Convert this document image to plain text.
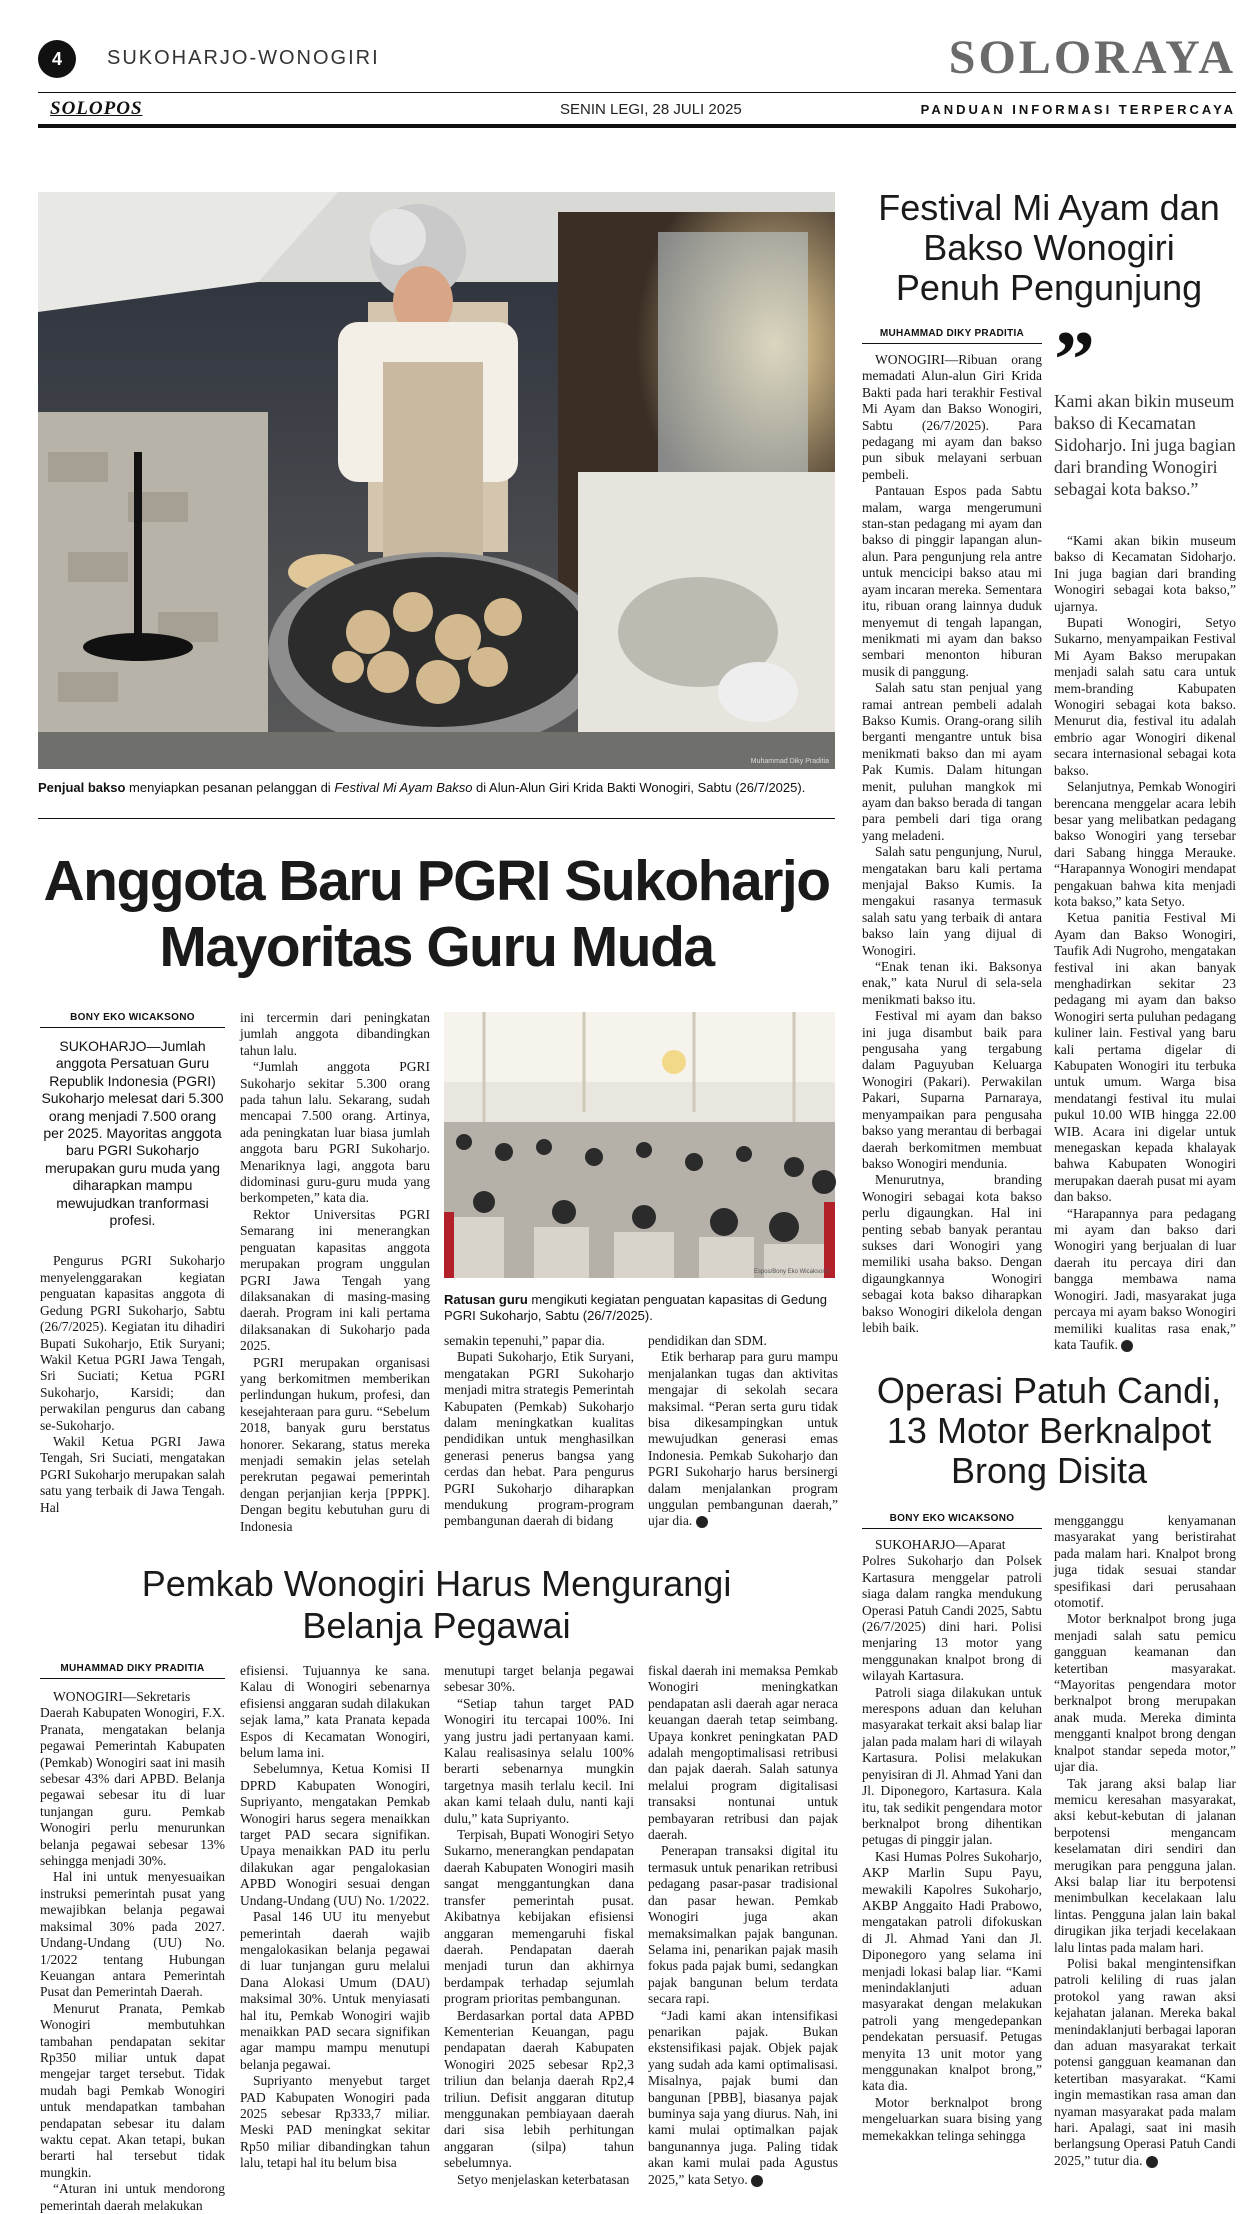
4	SUKOHARJO-WONOGIRI	SOLORAYA
SOLOPOS	SENIN LEGI, 28 JULI 2025	PANDUAN INFORMASI TERPERCAYA
Muhammad Diky Praditia
Penjual bakso menyiapkan pesanan pelanggan di Festival Mi Ayam Bakso di Alun-Alun Giri Krida Bakti Wonogiri, Sabtu (26/7/2025).
Anggota Baru PGRI Sukoharjo
Mayoritas Guru Muda
BONY EKO WICAKSONO
SUKOHARJO—Jumlah anggota Persatuan Guru Republik Indonesia (PGRI) Sukoharjo melesat dari 5.300 orang menjadi 7.500 orang per 2025. Mayoritas anggota baru PGRI Sukoharjo merupakan guru muda yang diharapkan mampu mewujudkan tranformasi profesi.

Pengurus PGRI Sukoharjo menyelenggarakan kegiatan penguatan kapasitas anggota di Gedung PGRI Sukoharjo, Sabtu (26/7/2025). Kegiatan itu dihadiri Bupati Sukoharjo, Etik Suryani; Wakil Ketua PGRI Jawa Tengah, Sri Suciati; Ketua PGRI Sukoharjo, Karsidi; dan perwakilan pengurus dan cabang se-Sukoharjo.

Wakil Ketua PGRI Jawa Tengah, Sri Suciati, mengatakan PGRI Sukoharjo merupakan salah satu yang terbaik di Jawa Tengah. Hal

ini tercermin dari peningkatan jumlah anggota dibandingkan tahun lalu.

“Jumlah anggota PGRI Sukoharjo sekitar 5.300 orang pada tahun lalu. Sekarang, sudah mencapai 7.500 orang. Artinya, ada peningkatan luar biasa jumlah anggota baru PGRI Sukoharjo. Menariknya lagi, anggota baru didominasi guru-guru muda yang berkompeten,” kata dia.

Rektor Universitas PGRI Semarang ini menerangkan penguatan kapasitas anggota merupakan program unggulan PGRI Jawa Tengah yang dilaksanakan di masing-masing daerah. Program ini kali pertama dilaksanakan di Sukoharjo pada 2025.

PGRI merupakan organisasi yang berkomitmen memberikan perlindungan hukum, profesi, dan kesejahteraan para guru. “Sebelum 2018, banyak guru berstatus honorer. Sekarang, status mereka menjadi semakin jelas setelah perekrutan pegawai pemerintah dengan perjanjian kerja [PPPK]. Dengan begitu kebutuhan guru di Indonesia

Espos/Bony Eko Wicaksono
Ratusan guru mengikuti kegiatan penguatan kapasitas di Gedung PGRI Sukoharjo, Sabtu (26/7/2025).

semakin tepenuhi,” papar dia.

Bupati Sukoharjo, Etik Suryani, mengatakan PGRI Sukoharjo menjadi mitra strategis Pemerintah Kabupaten (Pemkab) Sukoharjo dalam meningkatkan kualitas pendidikan untuk menghasilkan generasi penerus bangsa yang cerdas dan hebat. Para pengurus PGRI Sukoharjo diharapkan mendukung program-program pembangunan daerah di bidang

pendidikan dan SDM.

Etik berharap para guru mampu menjalankan tugas dan aktivitas mengajar di sekolah secara maksimal. “Peran serta guru tidak bisa dikesampingkan untuk mewujudkan generasi emas Indonesia. Pemkab Sukoharjo dan PGRI Sukoharjo harus bersinergi dalam menjalankan program unggulan pembangunan daerah,” ujar dia. ❖

Pemkab Wonogiri Harus Mengurangi
Belanja Pegawai
MUHAMMAD DIKY PRADITIA

WONOGIRI—Sekretaris Daerah Kabupaten Wonogiri, F.X. Pranata, mengatakan belanja pegawai Pemerintah Kabupaten (Pemkab) Wonogiri saat ini masih sebesar 43% dari APBD. Belanja pegawai sebesar itu di luar tunjangan guru. Pemkab Wonogiri perlu menurunkan belanja pegawai sebesar 13% sehingga menjadi 30%.

Hal ini untuk menyesuaikan instruksi pemerintah pusat yang mewajibkan belanja pegawai maksimal 30% pada 2027. Undang-Undang (UU) No. 1/2022 tentang Hubungan Keuangan antara Pemerintah Pusat dan Pemerintah Daerah.

Menurut Pranata, Pemkab Wonogiri membutuhkan tambahan pendapatan sekitar Rp350 miliar untuk dapat mengejar target tersebut. Tidak mudah bagi Pemkab Wonogiri untuk mendapatkan tambahan pendapatan sebesar itu dalam waktu cepat. Akan tetapi, bukan berarti hal tersebut tidak mungkin.

“Aturan ini untuk mendorong pemerintah daerah melakukan

efisiensi. Tujuannya ke sana. Kalau di Wonogiri sebenarnya efisiensi anggaran sudah dilakukan sejak lama,” kata Pranata kepada Espos di Kecamatan Wonogiri, belum lama ini.

Sebelumnya, Ketua Komisi II DPRD Kabupaten Wonogiri, Supriyanto, mengatakan Pemkab Wonogiri harus segera menaikkan target PAD secara signifikan. Upaya menaikkan PAD itu perlu dilakukan agar pengalokasian APBD Wonogiri sesuai dengan Undang-Undang (UU) No. 1/2022.

Pasal 146 UU itu menyebut pemerintah daerah wajib mengalokasikan belanja pegawai di luar tunjangan guru melalui Dana Alokasi Umum (DAU) maksimal 30%. Untuk menyiasati hal itu, Pemkab Wonogiri wajib menaikkan PAD secara signifikan agar mampu mampu menutupi belanja pegawai.

Supriyanto menyebut target PAD Kabupaten Wonogiri pada 2025 sebesar Rp333,7 miliar. Meski PAD meningkat sekitar Rp50 miliar dibandingkan tahun lalu, tetapi hal itu belum bisa

menutupi target belanja pegawai sebesar 30%.

“Setiap tahun target PAD Wonogiri itu tercapai 100%. Ini yang justru jadi pertanyaan kami. Kalau realisasinya selalu 100% berarti sebenarnya mungkin targetnya masih terlalu kecil. Ini akan kami telaah dulu, nanti kaji dulu,” kata Supriyanto.

Terpisah, Bupati Wonogiri Setyo Sukarno, menerangkan pendapatan daerah Kabupaten Wonogiri masih sangat menggantungkan dana transfer pemerintah pusat. Akibatnya kebijakan efisiensi anggaran memengaruhi fiskal daerah. Pendapatan daerah menjadi turun dan akhirnya berdampak terhadap sejumlah program prioritas pembangunan.

Berdasarkan portal data APBD Kementerian Keuangan, pagu pendapatan daerah Kabupaten Wonogiri 2025 sebesar Rp2,3 triliun dan belanja daerah Rp2,4 triliun. Defisit anggaran ditutup menggunakan pembiayaan daerah dari sisa lebih perhitungan anggaran (silpa) tahun sebelumnya.

Setyo menjelaskan keterbatasan

fiskal daerah ini memaksa Pemkab Wonogiri meningkatkan pendapatan asli daerah agar neraca keuangan daerah tetap seimbang. Upaya konkret peningkatan PAD adalah mengoptimalisasi retribusi dan pajak daerah. Salah satunya melalui program digitalisasi transaksi nontunai untuk pembayaran retribusi dan pajak daerah.

Penerapan transaksi digital itu termasuk untuk penarikan retribusi pedagang pasar-pasar tradisional dan pasar hewan. Pemkab Wonogiri juga akan memaksimalkan pajak bangunan. Selama ini, penarikan pajak masih fokus pada pajak bumi, sedangkan pajak bangunan belum terdata secara rapi.

“Jadi kami akan intensifikasi penarikan pajak. Bukan ekstensifikasi pajak. Objek pajak yang sudah ada kami optimalisasi. Misalnya, pajak bumi dan bangunan [PBB], biasanya pajak buminya saja yang diurus. Nah, ini kami mulai optimalkan pajak bangunannya juga. Paling tidak akan kami mulai pada Agustus 2025,” kata Setyo. ❖

Festival Mi Ayam dan
Bakso Wonogiri
Penuh Pengunjung
MUHAMMAD DIKY PRADITIA

WONOGIRI—Ribuan orang memadati Alun-alun Giri Krida Bakti pada hari terakhir Festival Mi Ayam dan Bakso Wonogiri, Sabtu (26/7/2025). Para pedagang mi ayam dan bakso pun sibuk melayani serbuan pembeli.

Pantauan Espos pada Sabtu malam, warga mengerumuni stan-stan pedagang mi ayam dan bakso di pinggir lapangan alun-alun. Para pengunjung rela antre untuk mencicipi bakso atau mi ayam incaran mereka. Sementara itu, ribuan orang lainnya duduk menyemut di tengah lapangan, menikmati mi ayam dan bakso sembari menonton hiburan musik di panggung.

Salah satu stan penjual yang ramai antrean pembeli adalah Bakso Kumis. Orang-orang silih berganti mengantre untuk bisa menikmati bakso dan mi ayam Pak Kumis. Dalam hitungan menit, puluhan mangkok mi ayam dan bakso berada di tangan para pembeli dari tiga orang yang meladeni.

Salah satu pengunjung, Nurul, mengatakan baru kali pertama menjajal Bakso Kumis. Ia mengakui rasanya termasuk salah satu yang terbaik di antara bakso lain yang dijual di Wonogiri.

“Enak tenan iki. Baksonya enak,” kata Nurul di sela-sela menikmati bakso itu.

Festival mi ayam dan bakso ini juga disambut baik para pengusaha yang tergabung dalam Paguyuban Keluarga Wonogiri (Pakari). Perwakilan Pakari, Suparna Parnaraya, menyampaikan para pengusaha bakso yang merantau di berbagai daerah berkomitmen membuat bakso Wonogiri mendunia.

Menurutnya, branding Wonogiri sebagai kota bakso perlu digaungkan. Hal ini penting sebab banyak perantau sukses dari Wonogiri yang memiliki usaha bakso. Dengan digaungkannya Wonogiri sebagai kota bakso diharapkan bakso Wonogiri dikelola dengan lebih baik.

”
Kami akan bikin museum bakso di Kecamatan Sidoharjo. Ini juga bagian dari branding Wonogiri sebagai kota bakso.”

“Kami akan bikin museum bakso di Kecamatan Sidoharjo. Ini juga bagian dari branding Wonogiri sebagai kota bakso,” ujarnya.

Bupati Wonogiri, Setyo Sukarno, menyampaikan Festival Mi Ayam Bakso merupakan menjadi salah satu cara untuk mem-branding Kabupaten Wonogiri sebagai kota bakso. Menurut dia, festival itu adalah embrio agar Wonogiri dikenal secara internasional sebagai kota bakso.

Selanjutnya, Pemkab Wonogiri berencana menggelar acara lebih besar yang melibatkan pedagang bakso Wonogiri yang tersebar dari Sabang hingga Merauke. “Harapannya Wonogiri mendapat pengakuan bahwa kita menjadi kota bakso,” kata Setyo.

Ketua panitia Festival Mi Ayam dan Bakso Wonogiri, Taufik Adi Nugroho, mengatakan festival ini akan banyak menghadirkan sekitar 23 pedagang mi ayam dan bakso Wonogiri serta puluhan pedagang kuliner lain. Festival yang baru kali pertama digelar di Kabupaten Wonogiri itu terbuka untuk umum. Warga bisa mendatangi festival itu mulai pukul 10.00 WIB hingga 22.00 WIB. Acara ini digelar untuk menegaskan kepada khalayak bahwa Kabupaten Wonogiri merupakan daerah pusat mi ayam dan bakso.

“Harapannya para pedagang mi ayam dan bakso dari Wonogiri yang berjualan di luar daerah itu percaya diri dan bangga membawa nama Wonogiri. Jadi, masyarakat juga percaya mi ayam bakso Wonogiri memiliki kualitas rasa enak,” kata Taufik. ❖

Operasi Patuh Candi,
13 Motor Berknalpot
Brong Disita
BONY EKO WICAKSONO

SUKOHARJO—Aparat Polres Sukoharjo dan Polsek Kartasura menggelar patroli siaga dalam rangka mendukung Operasi Patuh Candi 2025, Sabtu (26/7/2025) dini hari. Polisi menjaring 13 motor yang menggunakan knalpot brong di wilayah Kartasura.

Patroli siaga dilakukan untuk merespons aduan dan keluhan masyarakat terkait aksi balap liar jalan pada malam hari di wilayah Kartasura. Polisi melakukan penyisiran di Jl. Ahmad Yani dan Jl. Diponegoro, Kartasura. Kala itu, tak sedikit pengendara motor berknalpot brong dihentikan petugas di pinggir jalan.

Kasi Humas Polres Sukoharjo, AKP Marlin Supu Payu, mewakili Kapolres Sukoharjo, AKBP Anggaito Hadi Prabowo, mengatakan patroli difokuskan di Jl. Ahmad Yani dan Jl. Diponegoro yang selama ini menjadi lokasi balap liar. “Kami menindaklanjuti aduan masyarakat dengan melakukan patroli yang mengedepankan pendekatan persuasif. Petugas menyita 13 unit motor yang menggunakan knalpot brong,” kata dia.

Motor berknalpot brong mengeluarkan suara bising yang memekakkan telinga sehingga

mengganggu kenyamanan masyarakat yang beristirahat pada malam hari. Knalpot brong juga tidak sesuai standar spesifikasi dari perusahaan otomotif.

Motor berknalpot brong juga menjadi salah satu pemicu gangguan keamanan dan ketertiban masyarakat. “Mayoritas pengendara motor berknalpot brong merupakan anak muda. Mereka diminta mengganti knalpot brong dengan knalpot standar sepeda motor,” ujar dia.

Tak jarang aksi balap liar memicu keresahan masyarakat, aksi kebut-kebutan di jalanan berpotensi mengancam keselamatan diri sendiri dan merugikan para pengguna jalan. Aksi balap liar itu berpotensi menimbulkan kecelakaan lalu lintas. Pengguna jalan lain bakal dirugikan jika terjadi kecelakaan lalu lintas pada malam hari.

Polisi bakal mengintensifkan patroli keliling di ruas jalan protokol yang rawan aksi kejahatan jalanan. Mereka bakal menindaklanjuti berbagai laporan dan aduan masyarakat terkait potensi gangguan keamanan dan ketertiban masyarakat. “Kami ingin memastikan rasa aman dan nyaman masyarakat pada malam hari. Apalagi, saat ini masih berlangsung Operasi Patuh Candi 2025,” tutur dia. ❖
